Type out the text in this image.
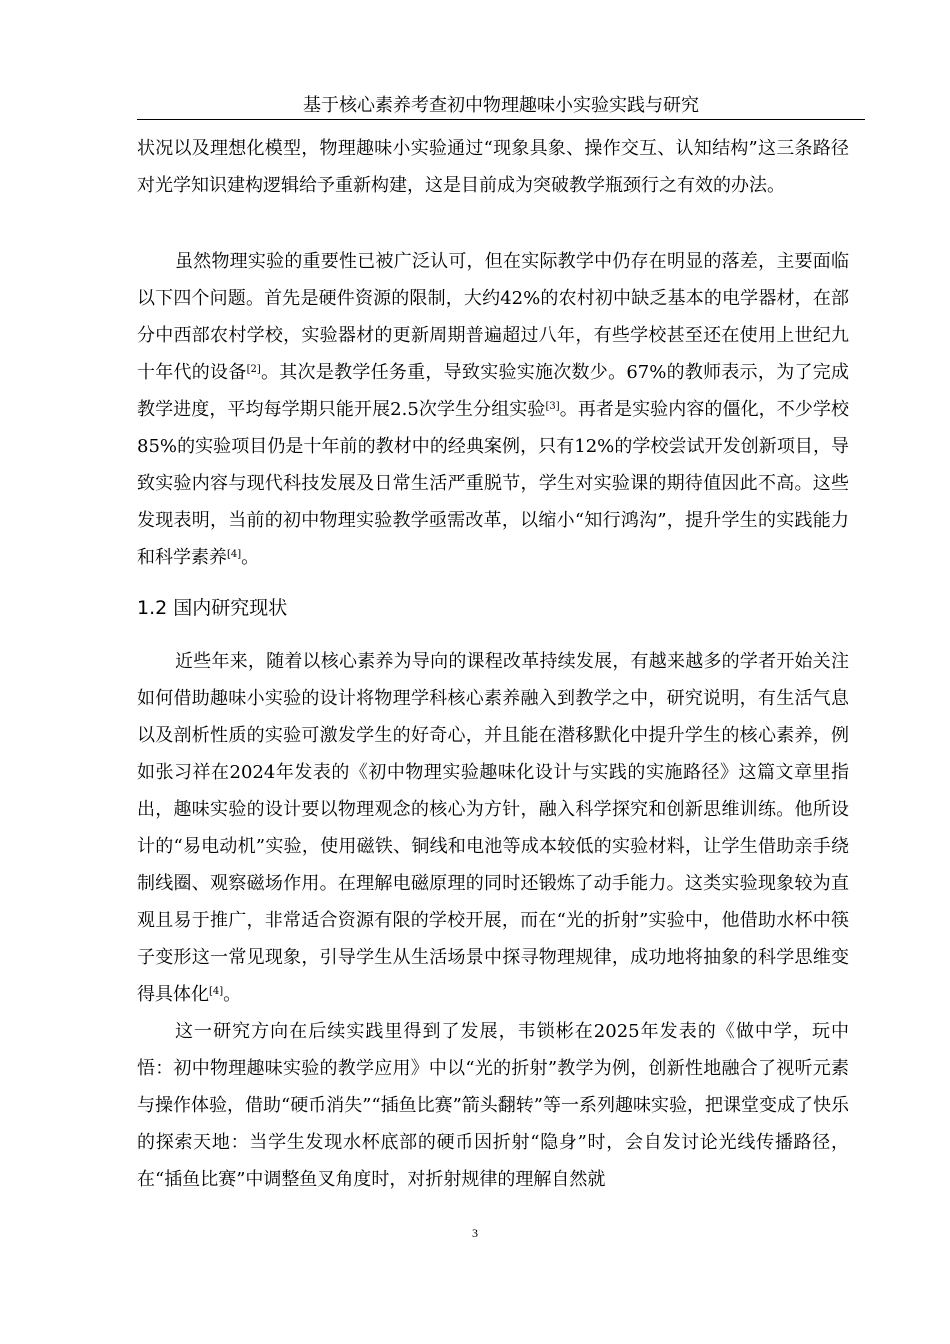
基于核心素养考查初中物理趣味小实验实践与研究

状况以及理想化模型，物理趣味小实验通过“现象具象、操作交互、认知结构”这三条路径对光学知识建构逻辑给予重新构建，这是目前成为突破教学瓶颈行之有效的办法。

虽然物理实验的重要性已被广泛认可，但在实际教学中仍存在明显的落差，主要面临以下四个问题。首先是硬件资源的限制，大约42%的农村初中缺乏基本的电学器材，在部分中西部农村学校，实验器材的更新周期普遍超过八年，有些学校甚至还在使用上世纪九十年代的设备[2]。其次是教学任务重，导致实验实施次数少。67%的教师表示，为了完成教学进度，平均每学期只能开展2.5次学生分组实验[3]。再者是实验内容的僵化，不少学校85%的实验项目仍是十年前的教材中的经典案例，只有12%的学校尝试开发创新项目，导致实验内容与现代科技发展及日常生活严重脱节，学生对实验课的期待值因此不高。这些发现表明，当前的初中物理实验教学亟需改革，以缩小“知行鸿沟”，提升学生的实践能力和科学素养[4]。

1.2 国内研究现状

近些年来，随着以核心素养为导向的课程改革持续发展，有越来越多的学者开始关注如何借助趣味小实验的设计将物理学科核心素养融入到教学之中，研究说明，有生活气息以及剖析性质的实验可激发学生的好奇心，并且能在潜移默化中提升学生的核心素养，例如张习祥在2024年发表的《初中物理实验趣味化设计与实践的实施路径》这篇文章里指出，趣味实验的设计要以物理观念的核心为方针，融入科学探究和创新思维训练。他所设计的“易电动机”实验，使用磁铁、铜线和电池等成本较低的实验材料，让学生借助亲手绕制线圈、观察磁场作用。在理解电磁原理的同时还锻炼了动手能力。这类实验现象较为直观且易于推广，非常适合资源有限的学校开展，而在“光的折射”实验中，他借助水杯中筷子变形这一常见现象，引导学生从生活场景中探寻物理规律，成功地将抽象的科学思维变得具体化[4]。

这一研究方向在后续实践里得到了发展，韦锁彬在2025年发表的《做中学，玩中悟：初中物理趣味实验的教学应用》中以“光的折射”教学为例，创新性地融合了视听元素与操作体验，借助“硬币消失”“插鱼比赛”箭头翻转”等一系列趣味实验，把课堂变成了快乐的探索天地：当学生发现水杯底部的硬币因折射“隐身”时，会自发讨论光线传播路径，在“插鱼比赛”中调整鱼叉角度时，对折射规律的理解自然就

3
